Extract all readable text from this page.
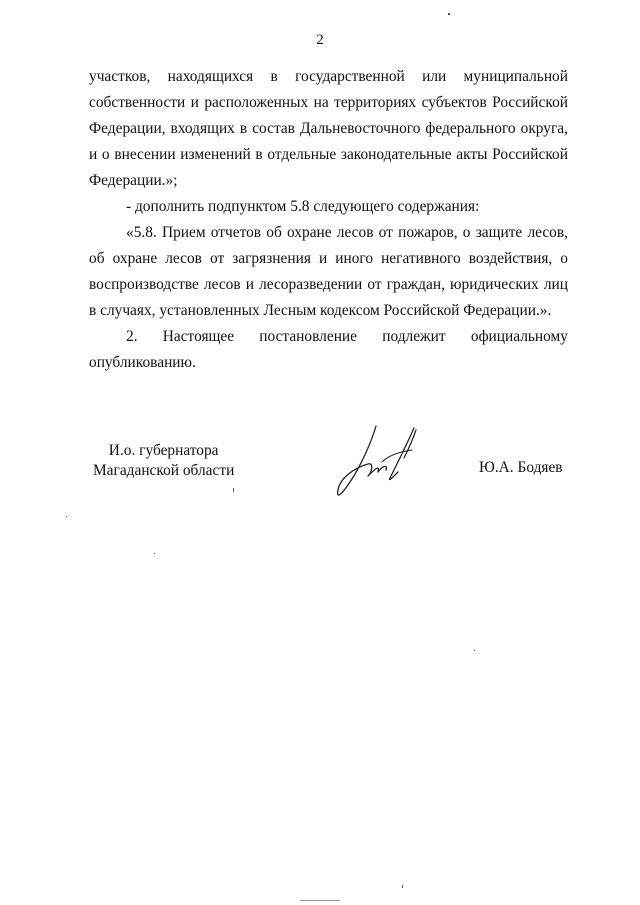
2

участков, находящихся в государственной или муниципальной собственности и расположенных на территориях субъектов Российской Федерации, входящих в состав Дальневосточного федерального округа, и о внесении изменений в отдельные законодательные акты Российской Федерации.»;

- дополнить подпунктом 5.8 следующего содержания:

«5.8. Прием отчетов об охране лесов от пожаров, о защите лесов, об охране лесов от загрязнения и иного негативного воздействия, о воспроизводстве лесов и лесоразведении от граждан, юридических лиц в случаях, установленных Лесным кодексом Российской Федерации.».

2. Настоящее постановление подлежит официальному опубликованию.

И.о. губернатора
Магаданской области	Ю.А. Бодяев
